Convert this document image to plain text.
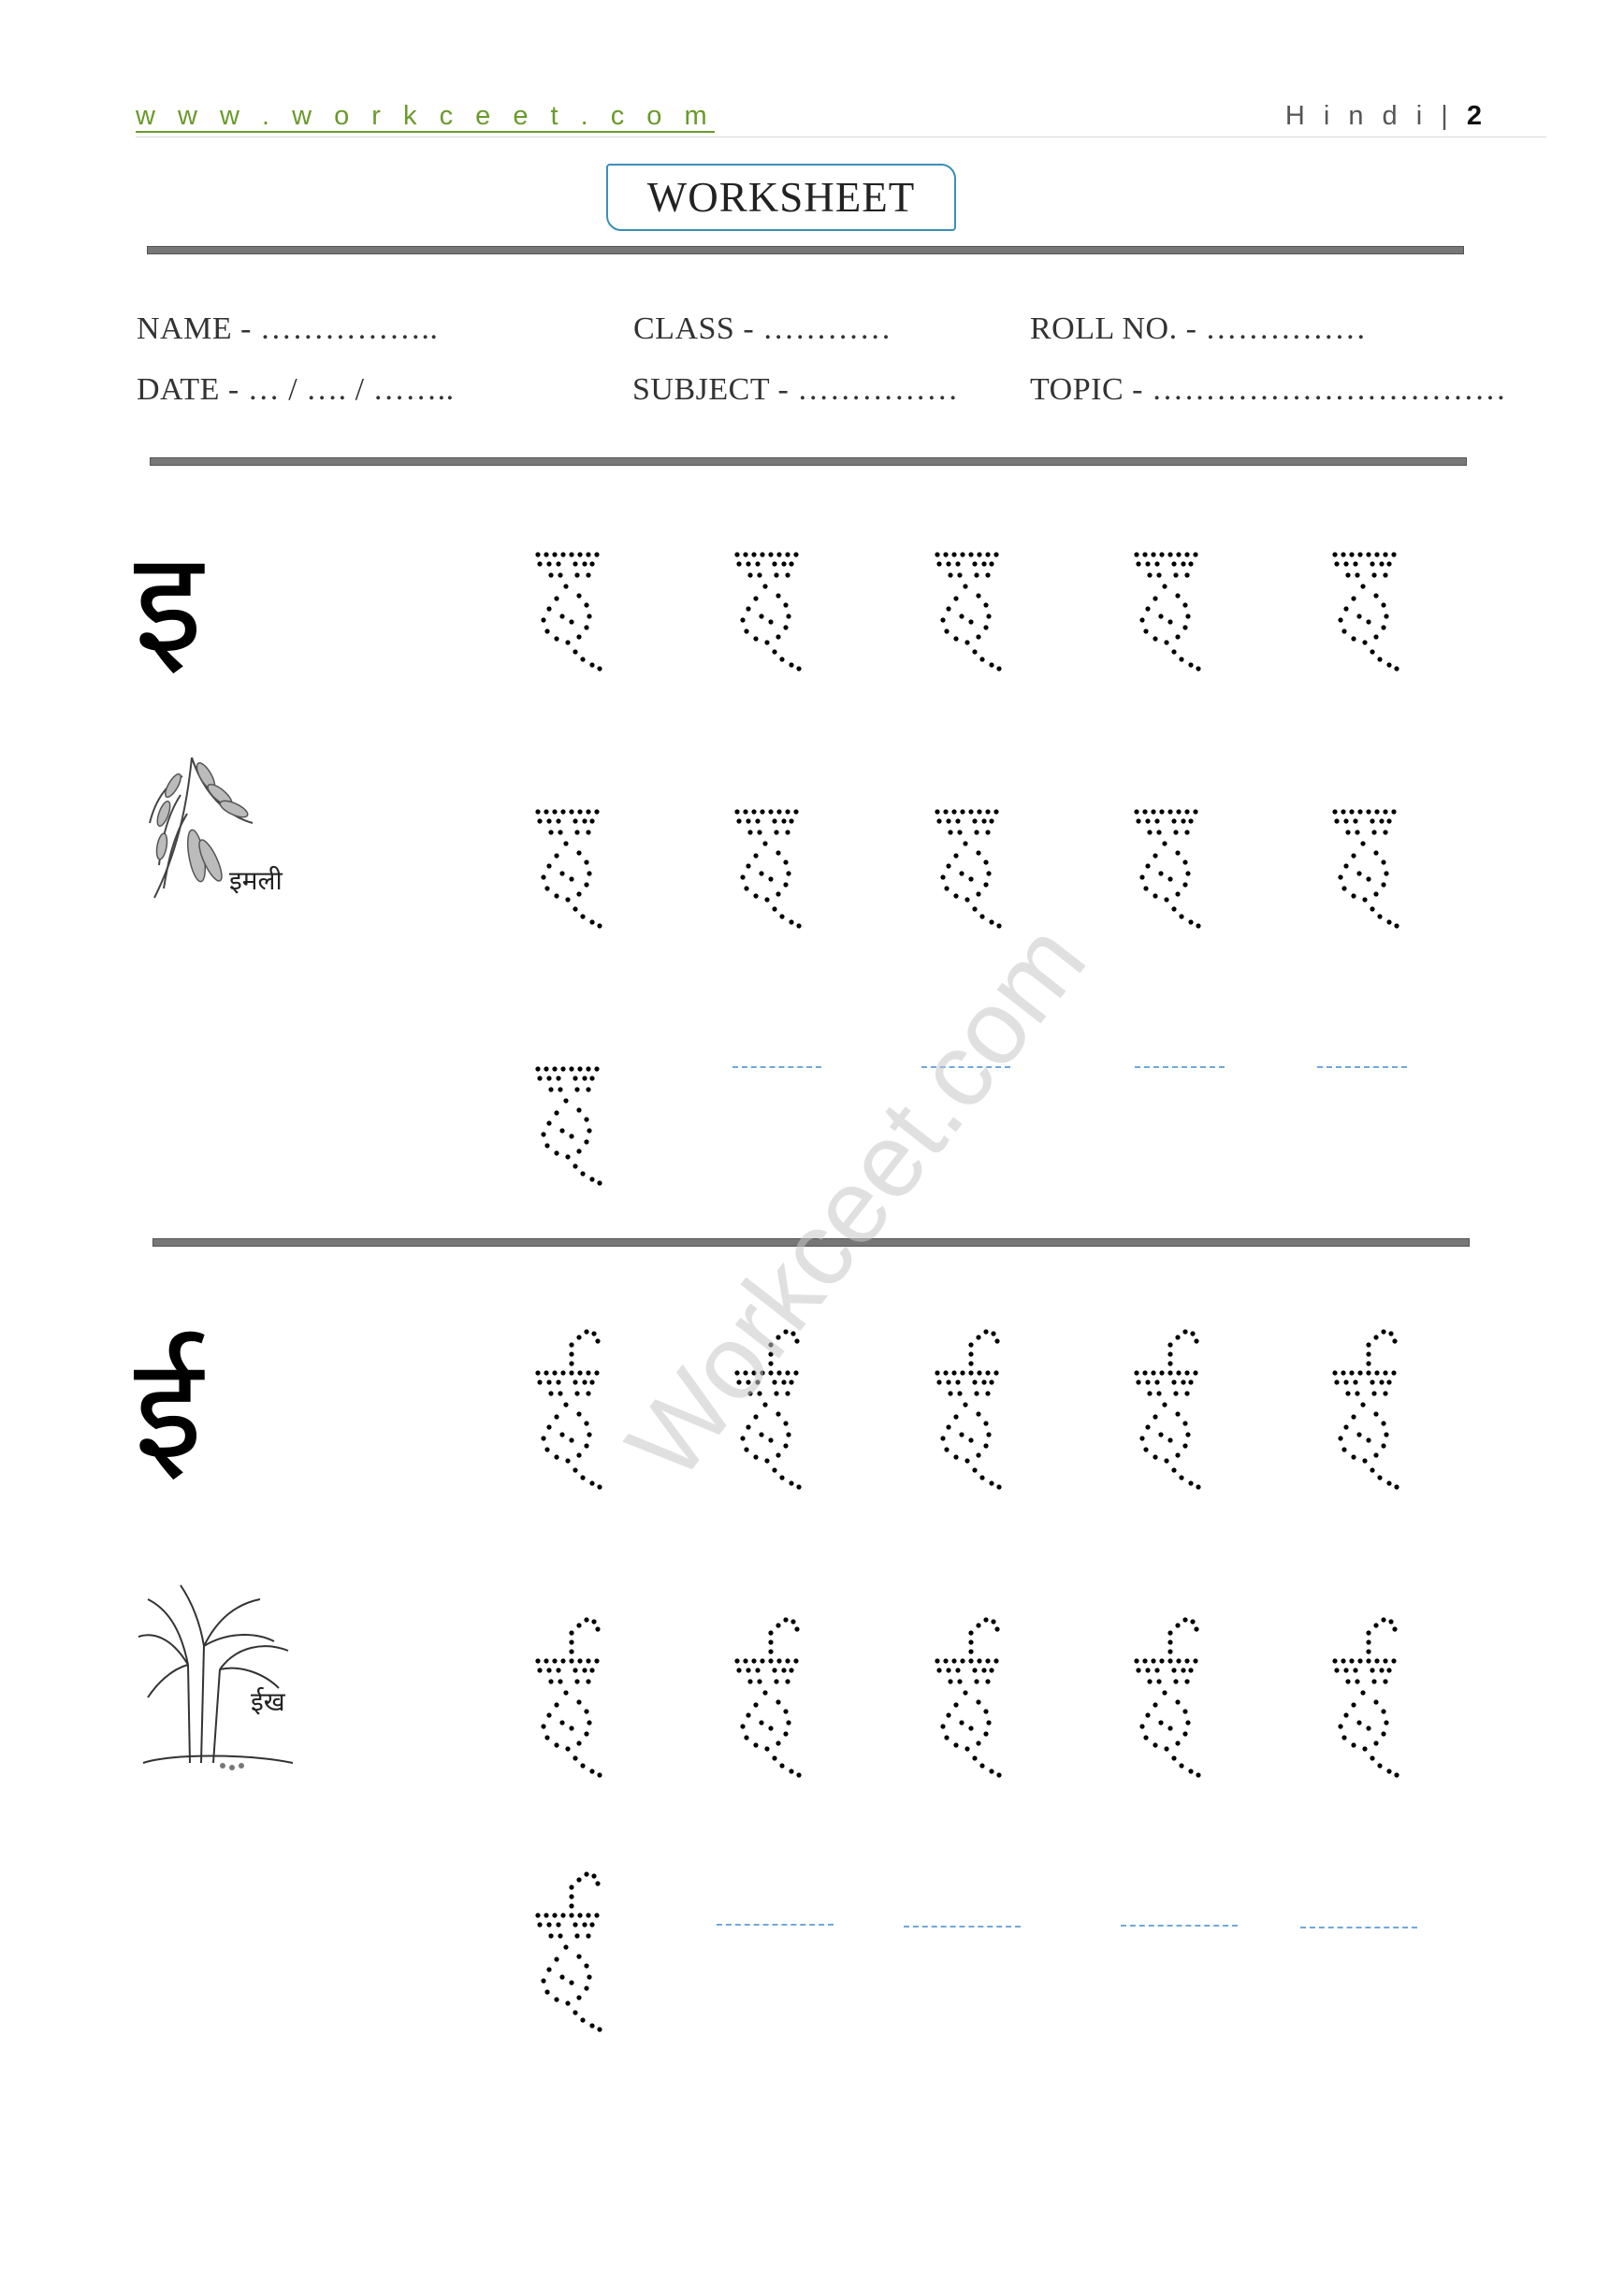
w w w . w o r k c e e t . c o m	H i n d i | 2
WORKSHEET
NAME - ……………..	CLASS - …………	ROLL NO. - ……………
DATE - … / …. / ……..	SUBJECT - …………… TOPIC - ……………………………
इ
इमली
ई
ईख
Workceet.com
